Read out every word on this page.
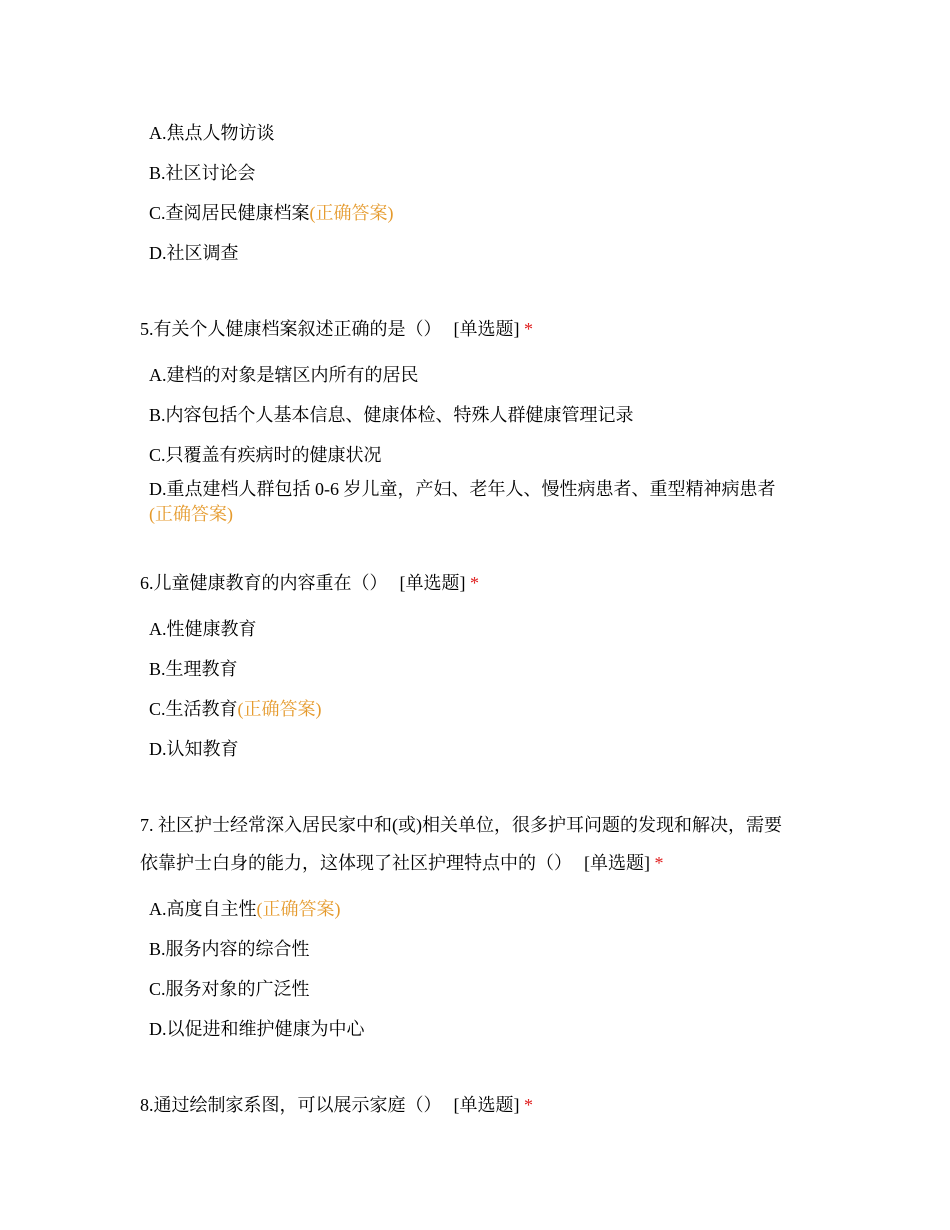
A.焦点人物访谈
B.社区讨论会
C.查阅居民健康档案(正确答案)
D.社区调查
5.有关个人健康档案叙述正确的是（） [单选题] *
A.建档的对象是辖区内所有的居民
B.内容包括个人基本信息、健康体检、特殊人群健康管理记录
C.只覆盖有疾病时的健康状况
D.重点建档人群包括 0-6 岁儿童，产妇、老年人、慢性病患者、重型精神病患者
(正确答案)
6.儿童健康教育的内容重在（） [单选题] *
A.性健康教育
B.生理教育
C.生活教育(正确答案)
D.认知教育
7. 社区护士经常深入居民家中和(或)相关单位，很多护耳问题的发现和解决，需要
依靠护士白身的能力，这体现了社区护理特点中的（） [单选题] *
A.高度自主性(正确答案)
B.服务内容的综合性
C.服务对象的广泛性
D.以促进和维护健康为中心
8.通过绘制家系图，可以展示家庭（） [单选题] *
